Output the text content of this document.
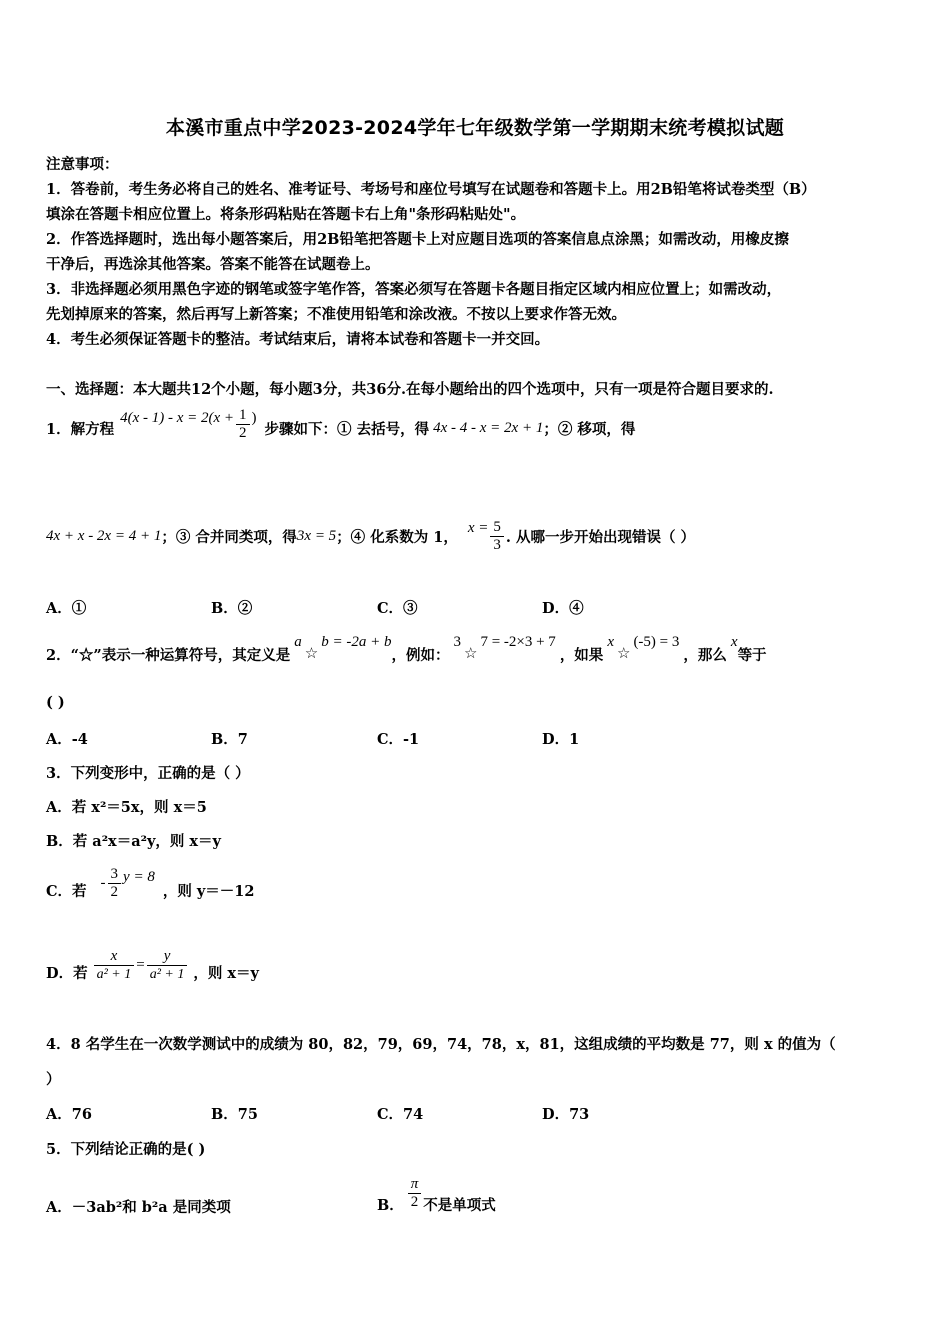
本溪市重点中学2023-2024学年七年级数学第一学期期末统考模拟试题
注意事项：
1．答卷前，考生务必将自己的姓名、准考证号、考场号和座位号填写在试题卷和答题卡上。用2B铅笔将试卷类型（B）
填涂在答题卡相应位置上。将条形码粘贴在答题卡右上角"条形码粘贴处"。
2．作答选择题时，选出每小题答案后，用2B铅笔把答题卡上对应题目选项的答案信息点涂黑；如需改动，用橡皮擦
干净后，再选涂其他答案。答案不能答在试题卷上。
3．非选择题必须用黑色字迹的钢笔或签字笔作答，答案必须写在答题卡各题目指定区域内相应位置上；如需改动，
先划掉原来的答案，然后再写上新答案；不准使用铅笔和涂改液。不按以上要求作答无效。
4．考生必须保证答题卡的整洁。考试结束后，请将本试卷和答题卡一并交回。
一、选择题：本大题共12个小题，每小题3分，共36分.在每小题给出的四个选项中，只有一项是符合题目要求的.
1．解方程
$4(x - 1) - x = 2(x + \frac{1}{2}$ )
步骤如下：① 去括号，得 4x - 4 - x = 2x + 1 ；② 移项，得
4x + x - 2x = 4 + 1 ；③ 合并同类项，得 3x = 5 ；④ 化系数为 1，
$x = \frac{5}{3}$ . 从哪一步开始出现错误（ ）
A．①	B．②	C．③	D．④
2．“☆”表示一种运算符号，其定义是
a
☆
b = -2a + b
，例如：
3
☆
7 = -2×3 + 7
，如果
x
☆
(-5) = 3
，那么
x
等于
( )
A．-4	B．7	C．-1	D．1
3．下列变形中，正确的是（ ）
A．若 x²＝5x，则 x＝5
B．若 a²x＝a²y，则 x＝y
C．若 - $\frac{3}{2}$ y = 8
，则 y＝－12
D．若 $\frac{x}{\text{a² + 1}} = \frac{y}{\text{a² + 1}}$ ，则 x＝y
4．8 名学生在一次数学测试中的成绩为 80，82，79，69，74，78，x，81，这组成绩的平均数是 77，则 x 的值为（
）
A．76	B．75	C．74	D．73
5．下列结论正确的是( )
A．－3ab²和 b²a 是同类项	B． $\frac{\pi}{2}$ 不是单项式
